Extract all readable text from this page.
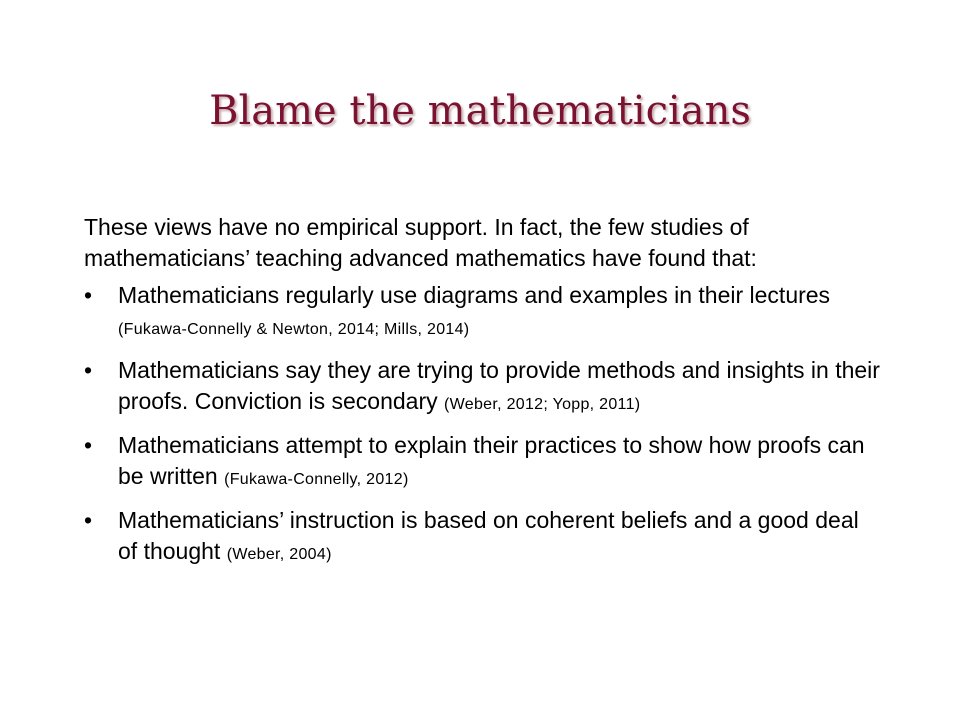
Blame the mathematicians

These views have no empirical support. In fact, the few studies of mathematicians’ teaching advanced mathematics have found that:

• Mathematicians regularly use diagrams and examples in their lectures (Fukawa-Connelly & Newton, 2014; Mills, 2014)
• Mathematicians say they are trying to provide methods and insights in their proofs. Conviction is secondary (Weber, 2012; Yopp, 2011)
• Mathematicians attempt to explain their practices to show how proofs can be written (Fukawa-Connelly, 2012)
• Mathematicians’ instruction is based on coherent beliefs and a good deal of thought (Weber, 2004)
